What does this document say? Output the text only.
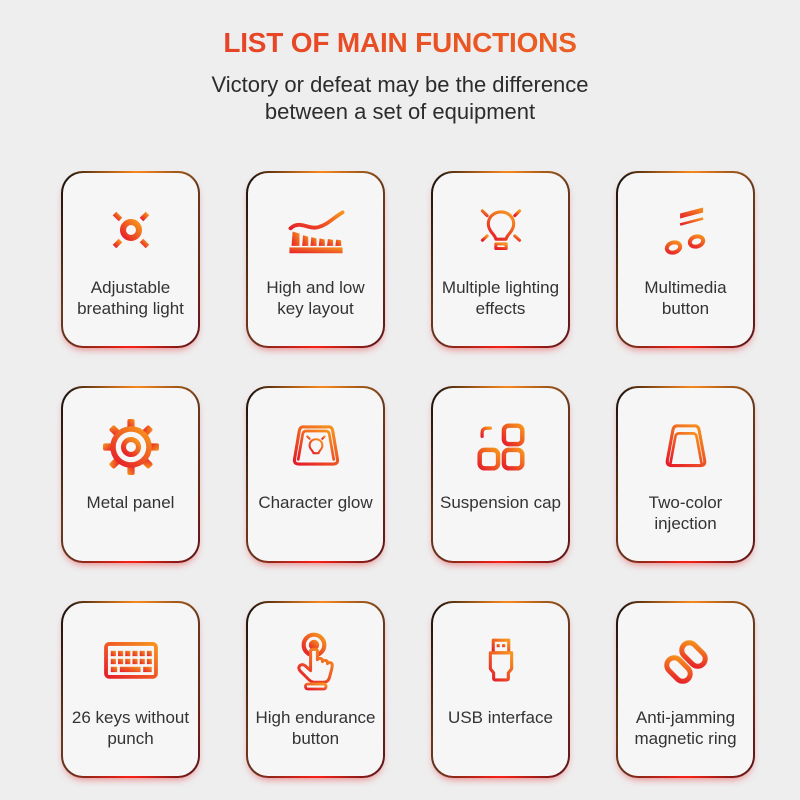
LIST OF MAIN FUNCTIONS
Victory or defeat may be the difference
between a set of equipment
Adjustable breathing light
High and low key layout
Multiple lighting effects
Multimedia button
Metal panel	Character glow	Suspension cap	Two-color injection
26 keys without punch
High endurance button
USB interface	Anti-jamming magnetic ring
